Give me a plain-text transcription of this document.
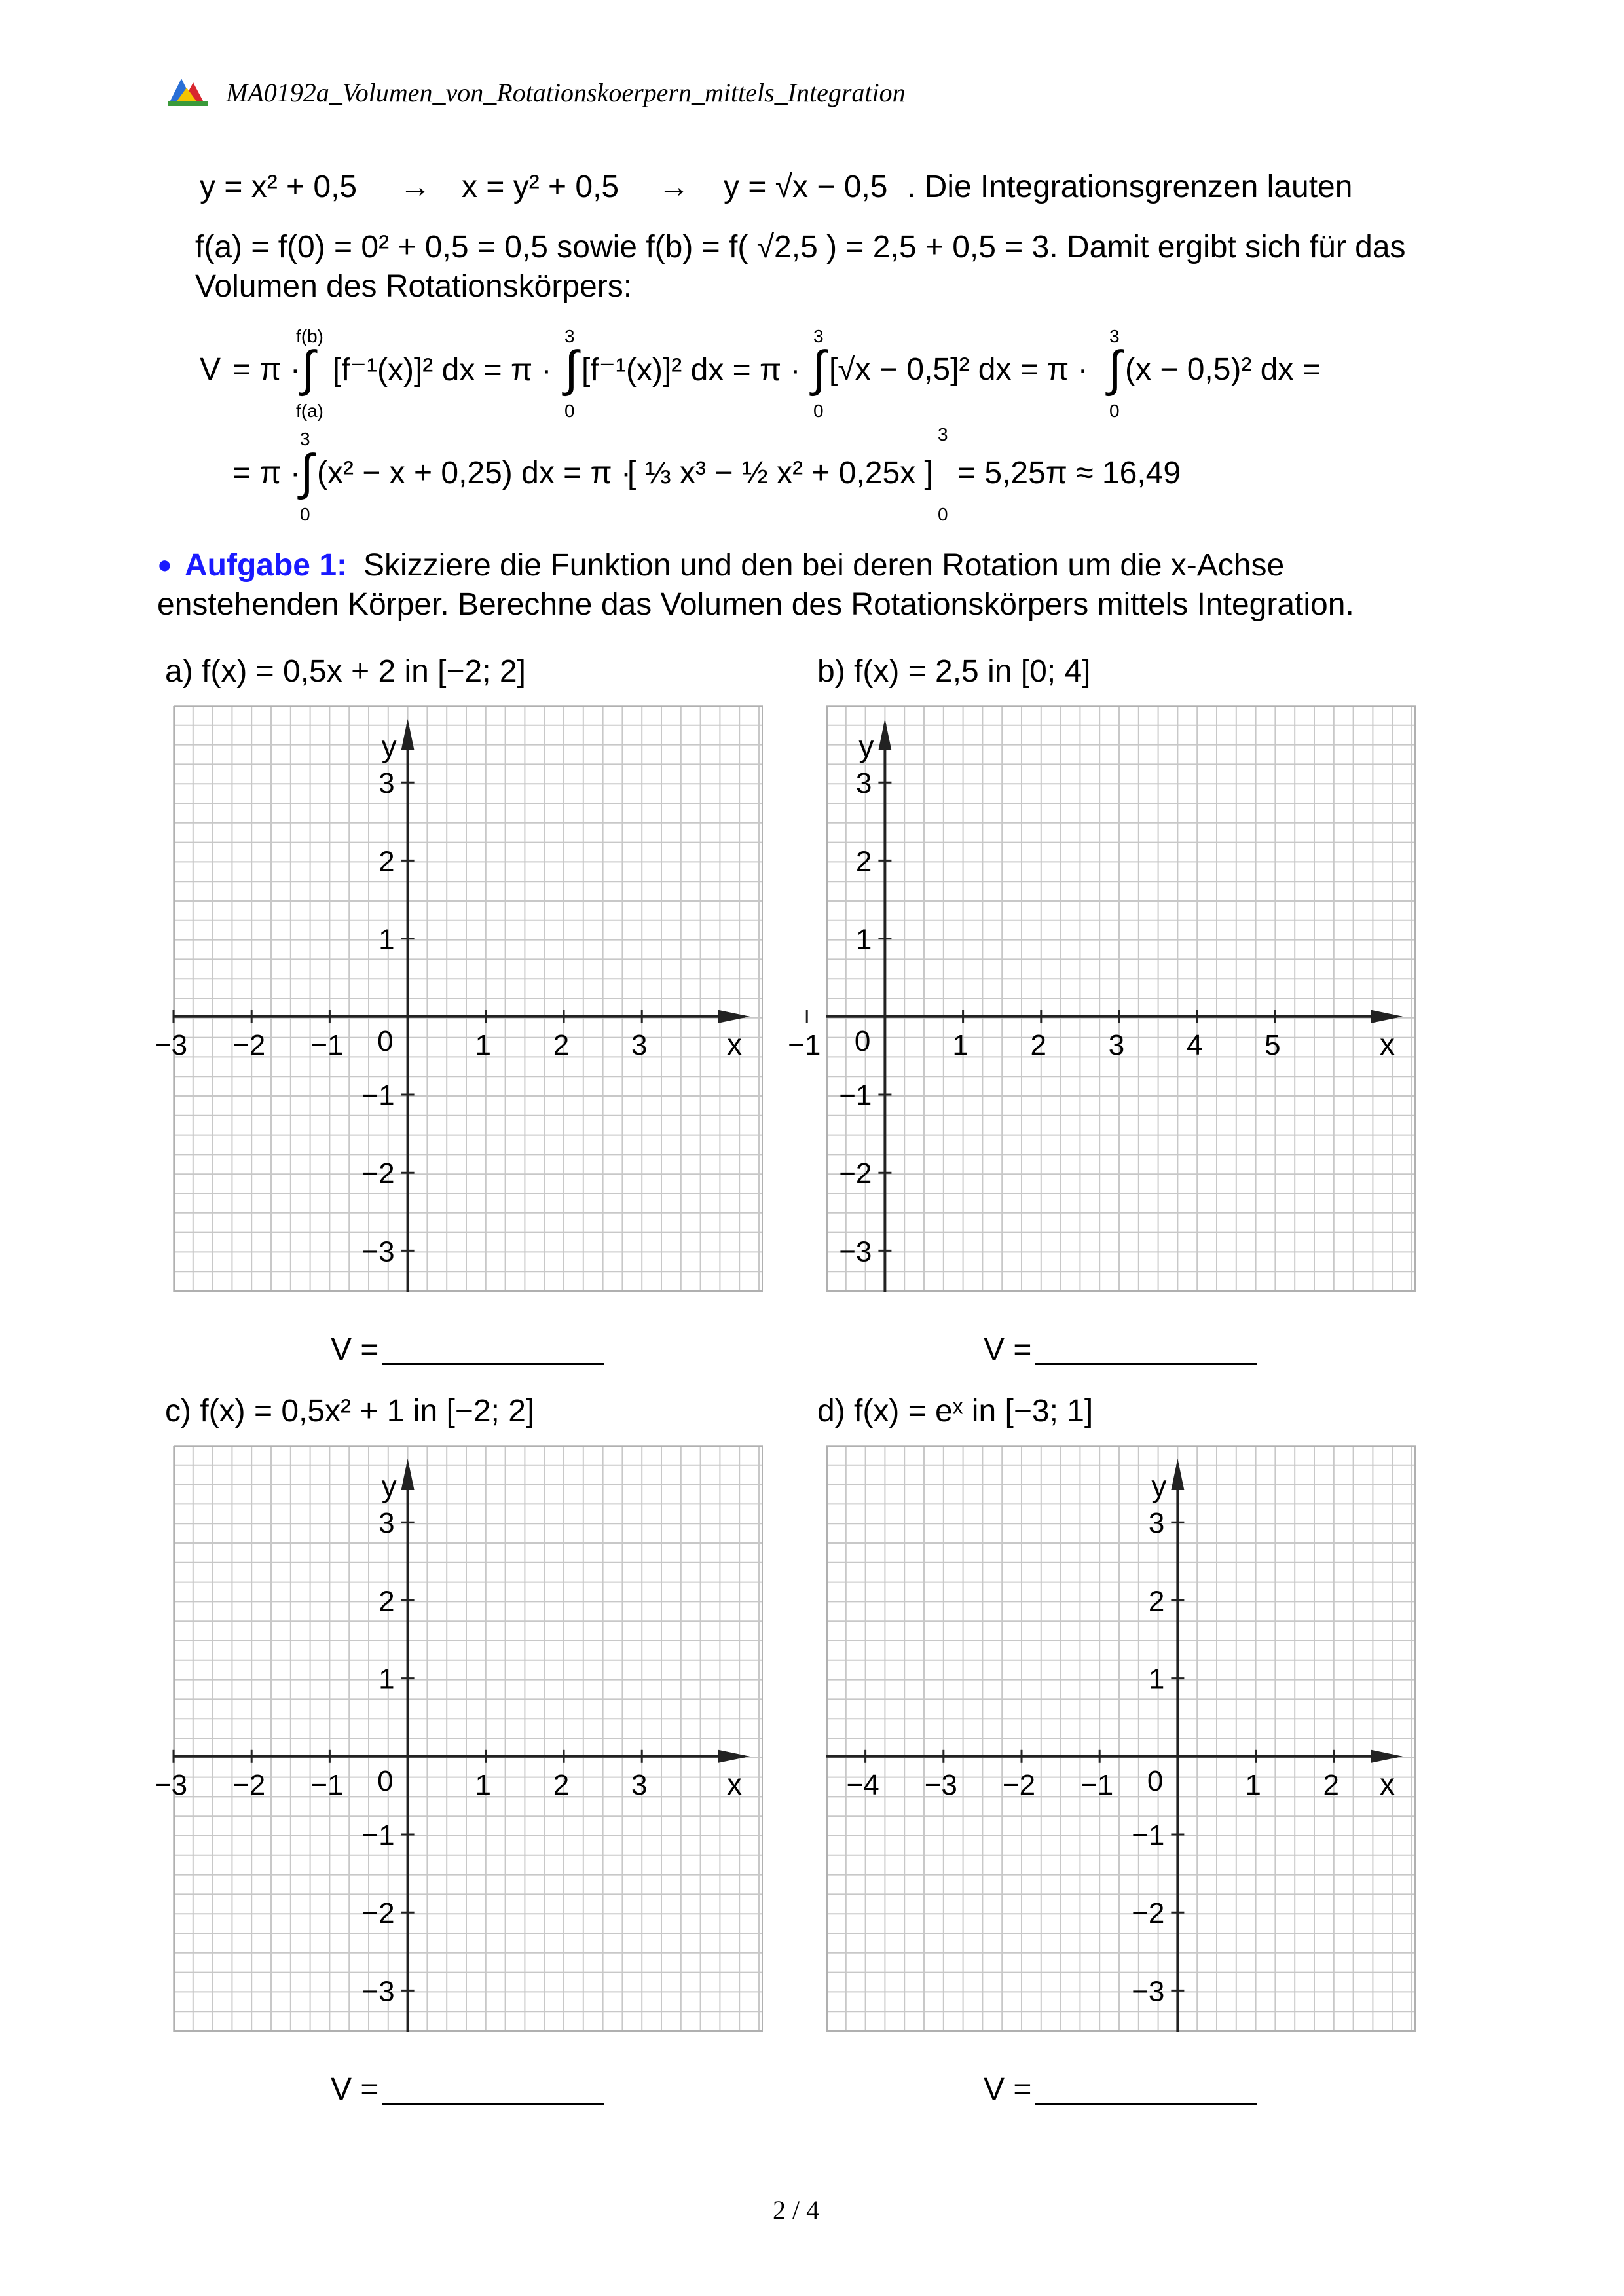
MA0192a_Volumen_von_Rotationskoerpern_mittels_Integration
y = x² + 0,5 → x = y² + 0,5 → y = √x − 0,5 . Die Integrationsgrenzen lauten
f(a) = f(0) = 0² + 0,5 = 0,5 sowie f(b) = f( √2,5 ) = 2,5 + 0,5 = 3. Damit ergibt sich für das
Volumen des Rotationskörpers:
V = π ·
f(b)
∫
f(a)
[f⁻¹(x)]² dx = π ·
3
∫
0
[f⁻¹(x)]² dx = π ·
3
∫
0
[√x − 0,5]² dx = π ·
3
∫
0
(x − 0,5)² dx =
= π ·
3
∫
0
(x² − x + 0,25) dx = π ·
[ ⅓ x³ − ½ x² + 0,25x ]
3
0
= 5,25π ≈ 16,49
● Aufgabe 1: Skizziere die Funktion und den bei deren Rotation um die x-Achse
enstehenden Körper. Berechne das Volumen des Rotationskörpers mittels Integration.
a) f(x) = 0,5x + 2 in [−2; 2]	b) f(x) = 2,5 in [0; 4]
c) f(x) = 0,5x² + 1 in [−2; 2]	d) f(x) = eˣ in [−3; 1]
−3 −2 −1	1 2 3
3
2
1
−1
−2
−3
0	x
y
−1	1 2 3 4 5
3
2
1
−1
−2
−3
0	x
y
−3 −2 −1	1 2 3
3
2
1
−1
−2
−3
0	x
y
−4 −3 −2 −1	1 2
3
2
1
−1
−2
−3
0	x
y
V =	V =
V =	V =
2 / 4
